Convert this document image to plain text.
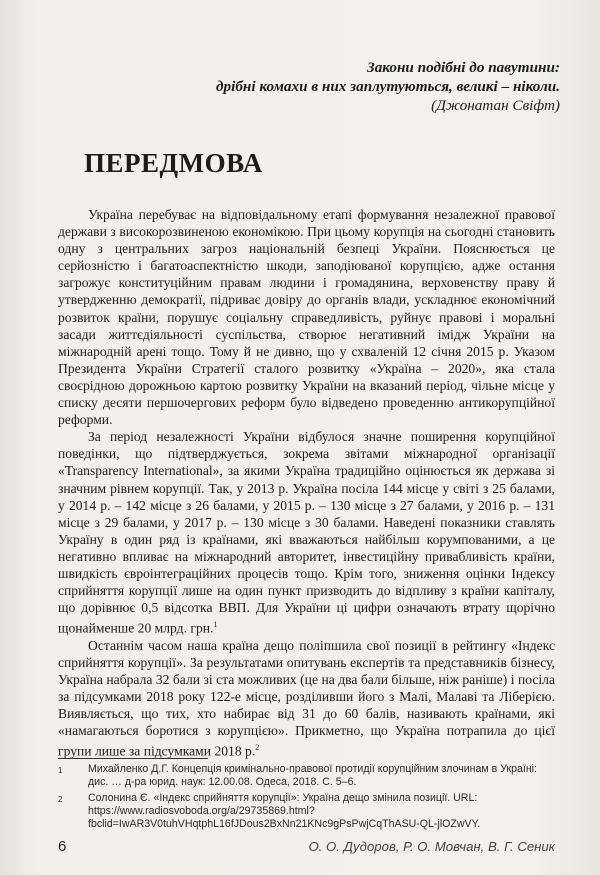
Закони подібні до павутини:
дрібні комахи в них заплутуються, великі – ніколи.
(Джонатан Свіфт)
ПЕРЕДМОВА

Україна перебуває на відповідальному етапі формування незалежної правової держави з високорозвиненою економікою. При цьому корупція на сьогодні становить одну з центральних загроз національній безпеці України. Пояснюється це серйозністю і багатоаспектністю шкоди, заподіюваної корупцією, адже остання загрожує конституційним правам людини і громадянина, верховенству праву й утвердженню демократії, підриває довіру до органів влади, ускладнює економічний розвиток країни, порушує соціальну справедливість, руйнує правові і моральні засади життєдіяльності суспільства, створює негативний імідж України на міжнародній арені тощо. Тому й не дивно, що у схваленій 12 січня 2015 р. Указом Президента України Стратегії сталого розвитку «Україна – 2020», яка стала своєрідною дорожньою картою розвитку України на вказаний період, чільне місце у списку десяти першочергових реформ було відведено проведенню антикорупційної реформи.

За період незалежності України відбулося значне поширення корупційної поведінки, що підтверджується, зокрема звітами міжнародної організації «Transparency International», за якими Україна традиційно оцінюється як держава зі значним рівнем корупції. Так, у 2013 р. Україна посіла 144 місце у світі з 25 балами, у 2014 р. – 142 місце з 26 балами, у 2015 р. – 130 місце з 27 балами, у 2016 р. – 131 місце з 29 балами, у 2017 р. – 130 місце з 30 балами. Наведені показники ставлять Україну в один ряд із країнами, які вважаються найбільш корумпованими, а це негативно впливає на міжнародний авторитет, інвестиційну привабливість країни, швидкість євроінтеграційних процесів тощо. Крім того, зниження оцінки Індексу сприйняття корупції лише на один пункт призводить до відпливу з країни капіталу, що дорівнює 0,5 відсотка ВВП. Для України ці цифри означають втрату щорічно щонайменше 20 млрд. грн.$^1$

Останнім часом наша країна дещо поліпшила свої позиції в рейтингу «Індекс сприйняття корупції». За результатами опитувань експертів та представників бізнесу, Україна набрала 32 бали зі ста можливих (це на два бали більше, ніж раніше) і посіла за підсумками 2018 року 122-е місце, розділивши його з Малі, Малаві та Ліберією. Виявляється, що тих, хто набирає від 31 до 60 балів, називають країнами, які «намагаються боротися з корупцією». Прикметно, що Україна потрапила до цієї групи лише за підсумками 2018 р.$^2$

1	Михайленко Д.Г. Концепція кримінально-правової протидії корупційним злочинам в Україні: дис. … д-ра юрид. наук: 12.00.08. Одеса, 2018. С. 5–6.
2	Солонина Є. «Індекс сприйняття корупції»: Україна дещо змінила позиції. URL: https://www.radiosvoboda.org/a/29735869.html?fbclid=IwAR3V0tuhVHqtphL16fJDous2BxNn21KNc9gPsPwjCqThASU-QL-jlOZwVY.
6	О. О. Дудоров, Р. О. Мовчан, В. Г. Сеник
